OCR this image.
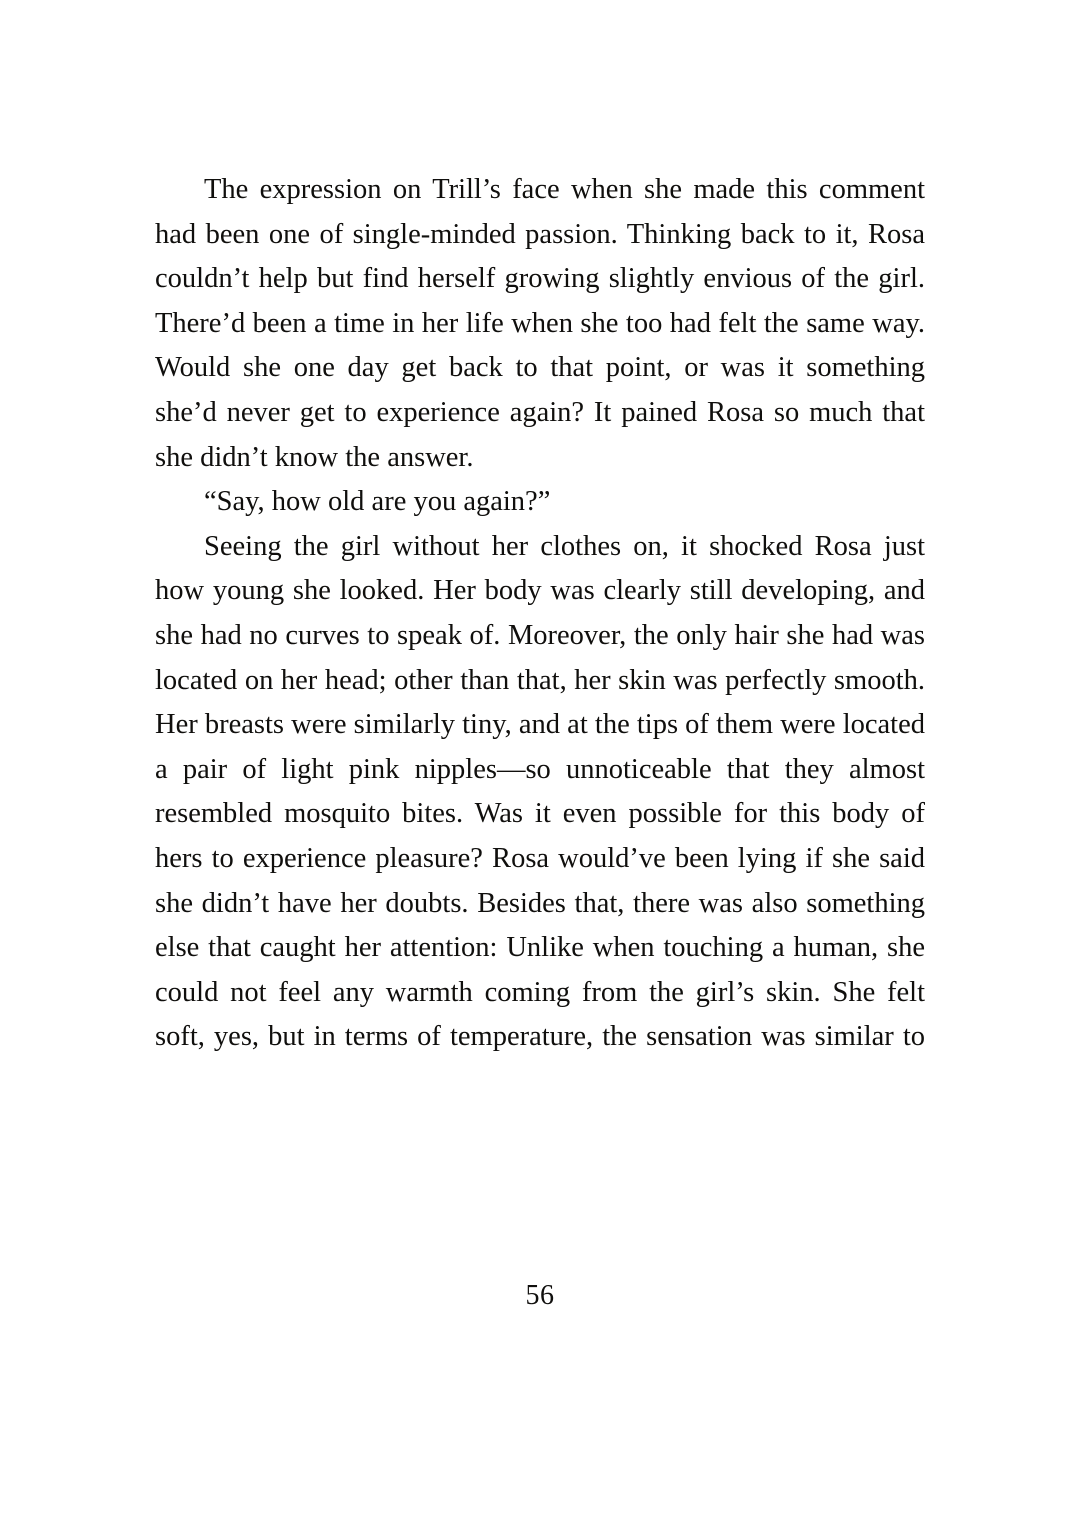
The expression on Trill’s face when she made this comment had been one of single-minded passion. Thinking back to it, Rosa couldn’t help but find herself growing slightly envious of the girl. There’d been a time in her life when she too had felt the same way. Would she one day get back to that point, or was it something she’d never get to experience again? It pained Rosa so much that she didn’t know the answer.

“Say, how old are you again?”

Seeing the girl without her clothes on, it shocked Rosa just how young she looked. Her body was clearly still developing, and she had no curves to speak of. Moreover, the only hair she had was located on her head; other than that, her skin was perfectly smooth. Her breasts were similarly tiny, and at the tips of them were located a pair of light pink nipples—so unnoticeable that they almost resembled mosquito bites. Was it even possible for this body of hers to experience pleasure? Rosa would’ve been lying if she said she didn’t have her doubts. Besides that, there was also something else that caught her attention: Unlike when touching a human, she could not feel any warmth coming from the girl’s skin. She felt soft, yes, but in terms of temperature, the sensation was similar to

56
